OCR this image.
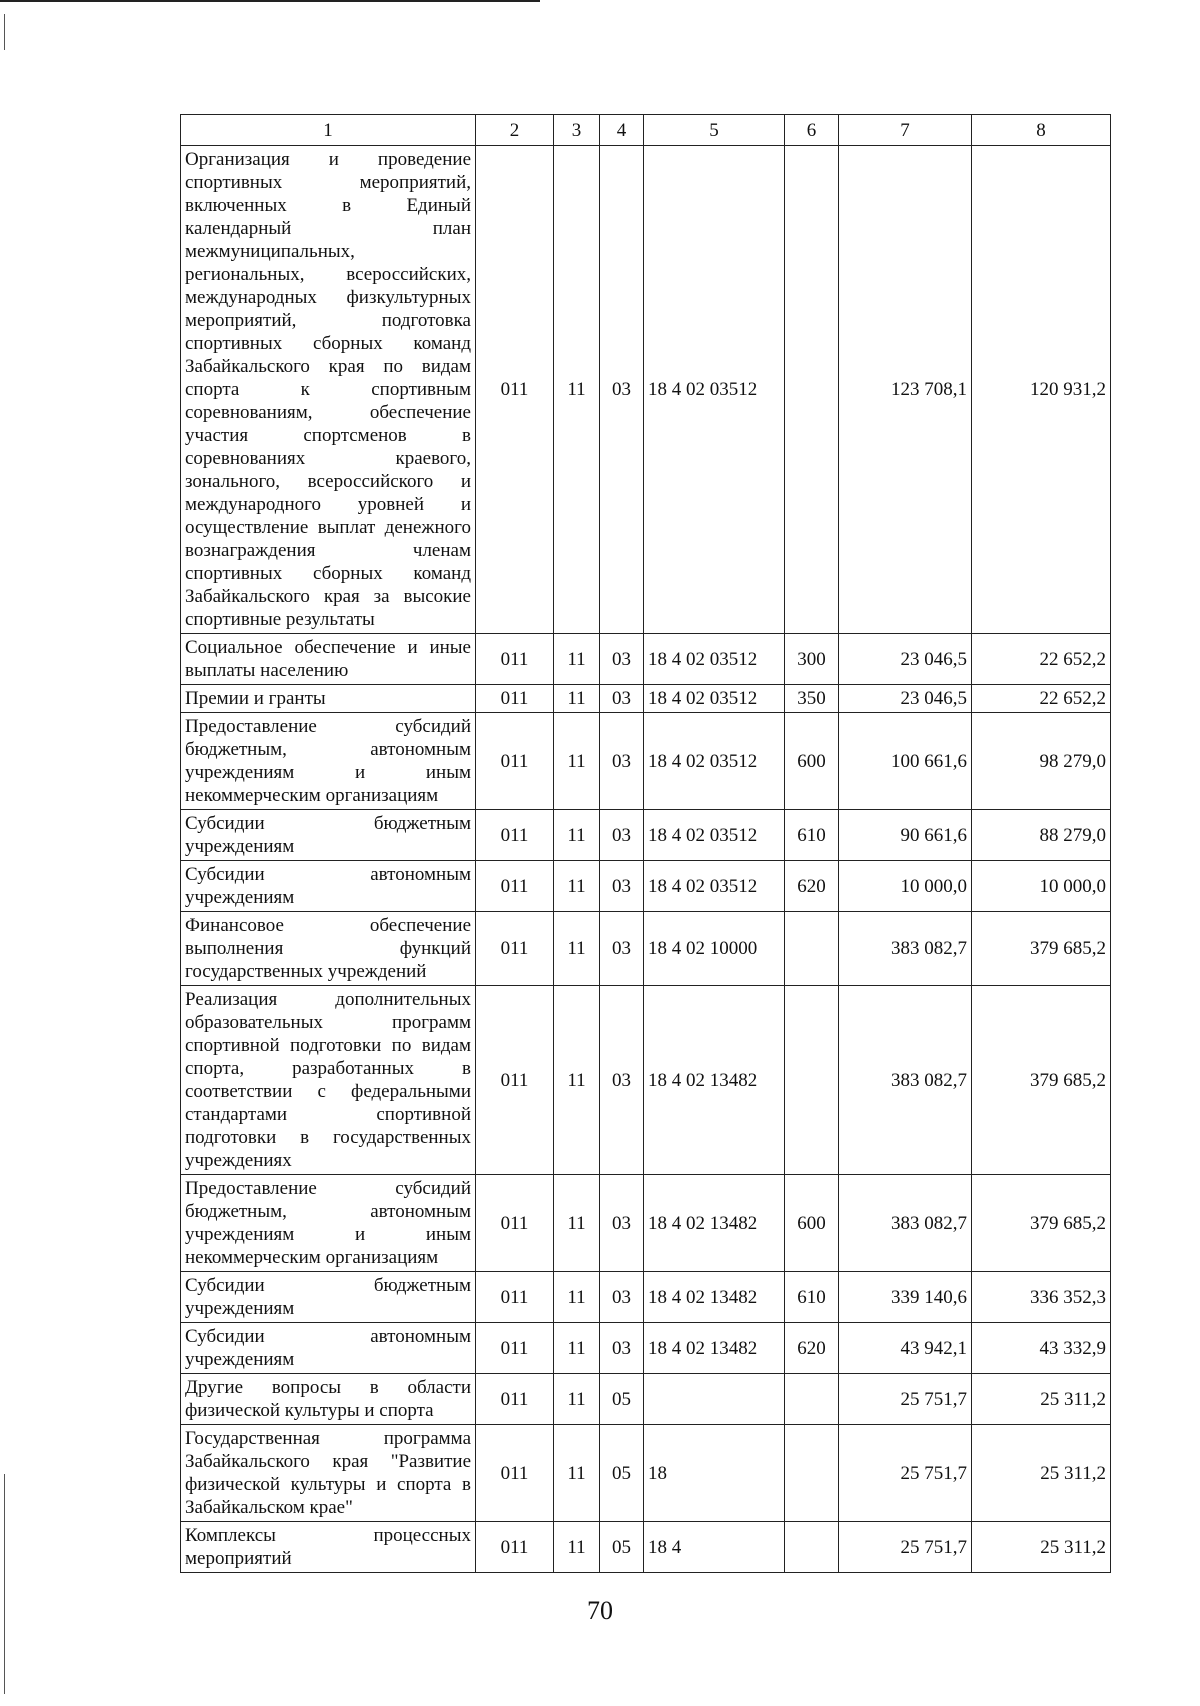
1	2	3	4	5	6	7	8
Организация и проведение спортивных мероприятий, включенных в Единый календарный план межмуниципальных, региональных, всероссийских, международных физкультурных мероприятий, подготовка спортивных сборных команд Забайкальского края по видам спорта к спортивным соревнованиям, обеспечение участия спортсменов в соревнованиях краевого, зонального, всероссийского и международного уровней и осуществление выплат денежного вознаграждения членам спортивных сборных команд Забайкальского края за высокие спортивные результаты	011	11	03	18 4 02 03512		123 708,1	120 931,2
Социальное обеспечение и иные выплаты населению	011	11	03	18 4 02 03512	300	23 046,5	22 652,2
Премии и гранты	011	11	03	18 4 02 03512	350	23 046,5	22 652,2
Предоставление субсидий бюджетным, автономным учреждениям и иным некоммерческим организациям	011	11	03	18 4 02 03512	600	100 661,6	98 279,0
Субсидии бюджетным учреждениям	011	11	03	18 4 02 03512	610	90 661,6	88 279,0
Субсидии автономным учреждениям	011	11	03	18 4 02 03512	620	10 000,0	10 000,0
Финансовое обеспечение выполнения функций государственных учреждений	011	11	03	18 4 02 10000		383 082,7	379 685,2
Реализация дополнительных образовательных программ спортивной подготовки по видам спорта, разработанных в соответствии с федеральными стандартами спортивной подготовки в государственных учреждениях	011	11	03	18 4 02 13482		383 082,7	379 685,2
Предоставление субсидий бюджетным, автономным учреждениям и иным некоммерческим организациям	011	11	03	18 4 02 13482	600	383 082,7	379 685,2
Субсидии бюджетным учреждениям	011	11	03	18 4 02 13482	610	339 140,6	336 352,3
Субсидии автономным учреждениям	011	11	03	18 4 02 13482	620	43 942,1	43 332,9
Другие вопросы в области физической культуры и спорта	011	11	05			25 751,7	25 311,2
Государственная программа Забайкальского края "Развитие физической культуры и спорта в Забайкальском крае"	011	11	05	18		25 751,7	25 311,2
Комплексы процессных мероприятий	011	11	05	18 4		25 751,7	25 311,2
70
